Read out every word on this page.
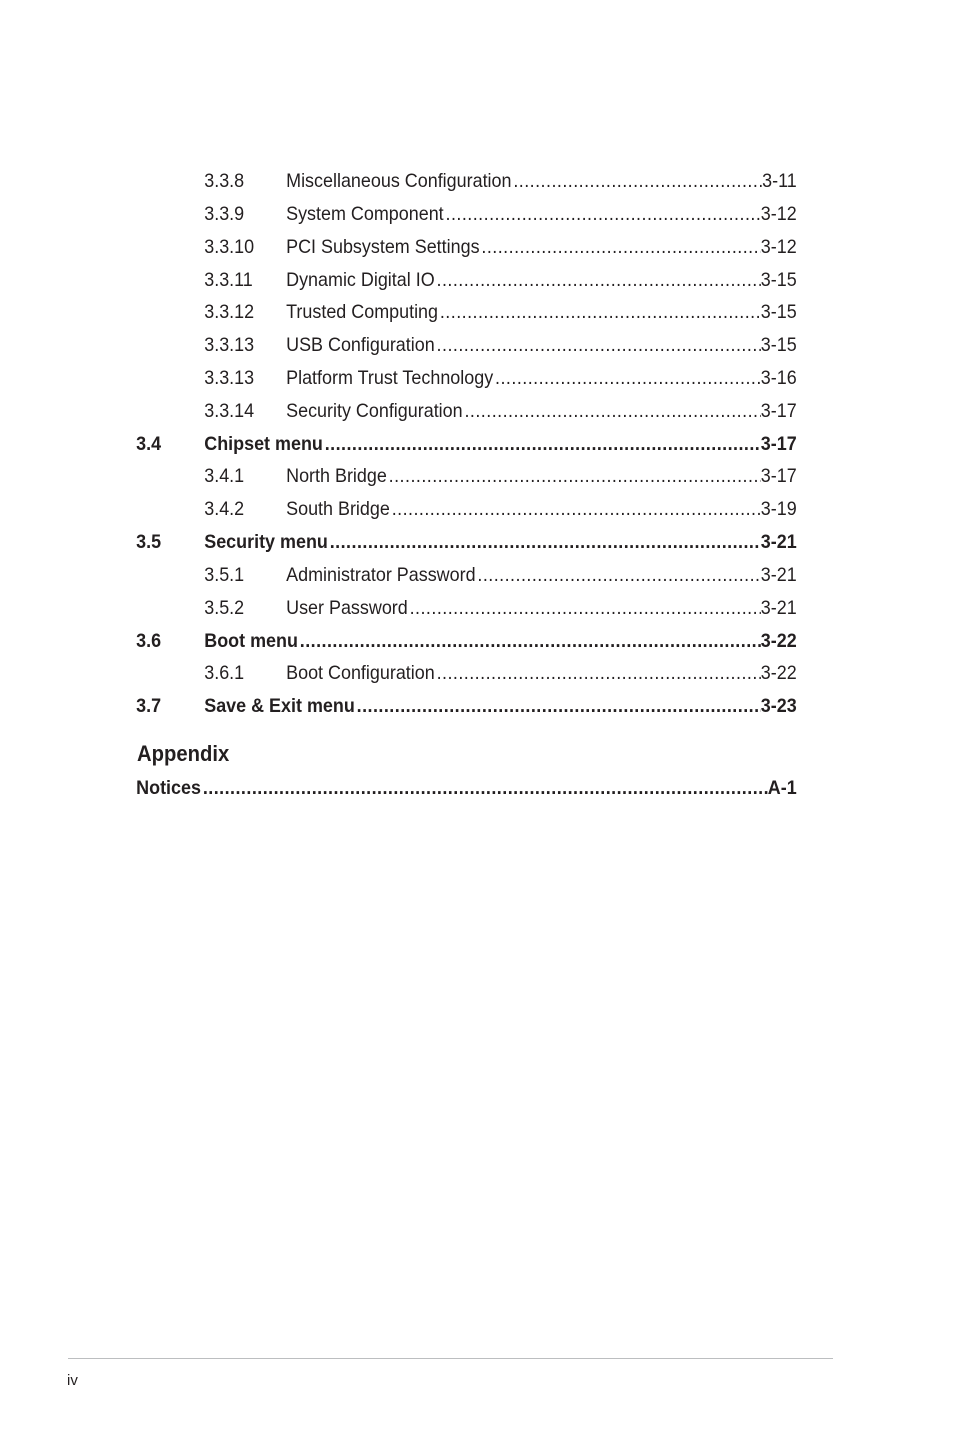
3.3.8 Miscellaneous Configuration .....	3-11
3.3.9 System Component .....	3-12
3.3.10 PCI Subsystem Settings .....	3-12
3.3.11 Dynamic Digital IO .....	3-15
3.3.12 Trusted Computing .....	3-15
3.3.13 USB Configuration .....	3-15
3.3.13 Platform Trust Technology .....	3-16
3.3.14 Security Configuration .....	3-17
3.4 Chipset menu .....	3-17
3.4.1 North Bridge .....	3-17
3.4.2 South Bridge .....	3-19
3.5 Security menu .....	3-21
3.5.1 Administrator Password .....	3-21
3.5.2 User Password .....	3-21
3.6 Boot menu .....	3-22
3.6.1 Boot Configuration .....	3-22
3.7 Save & Exit menu .....	3-23
Appendix
Notices .....	A-1
iv
